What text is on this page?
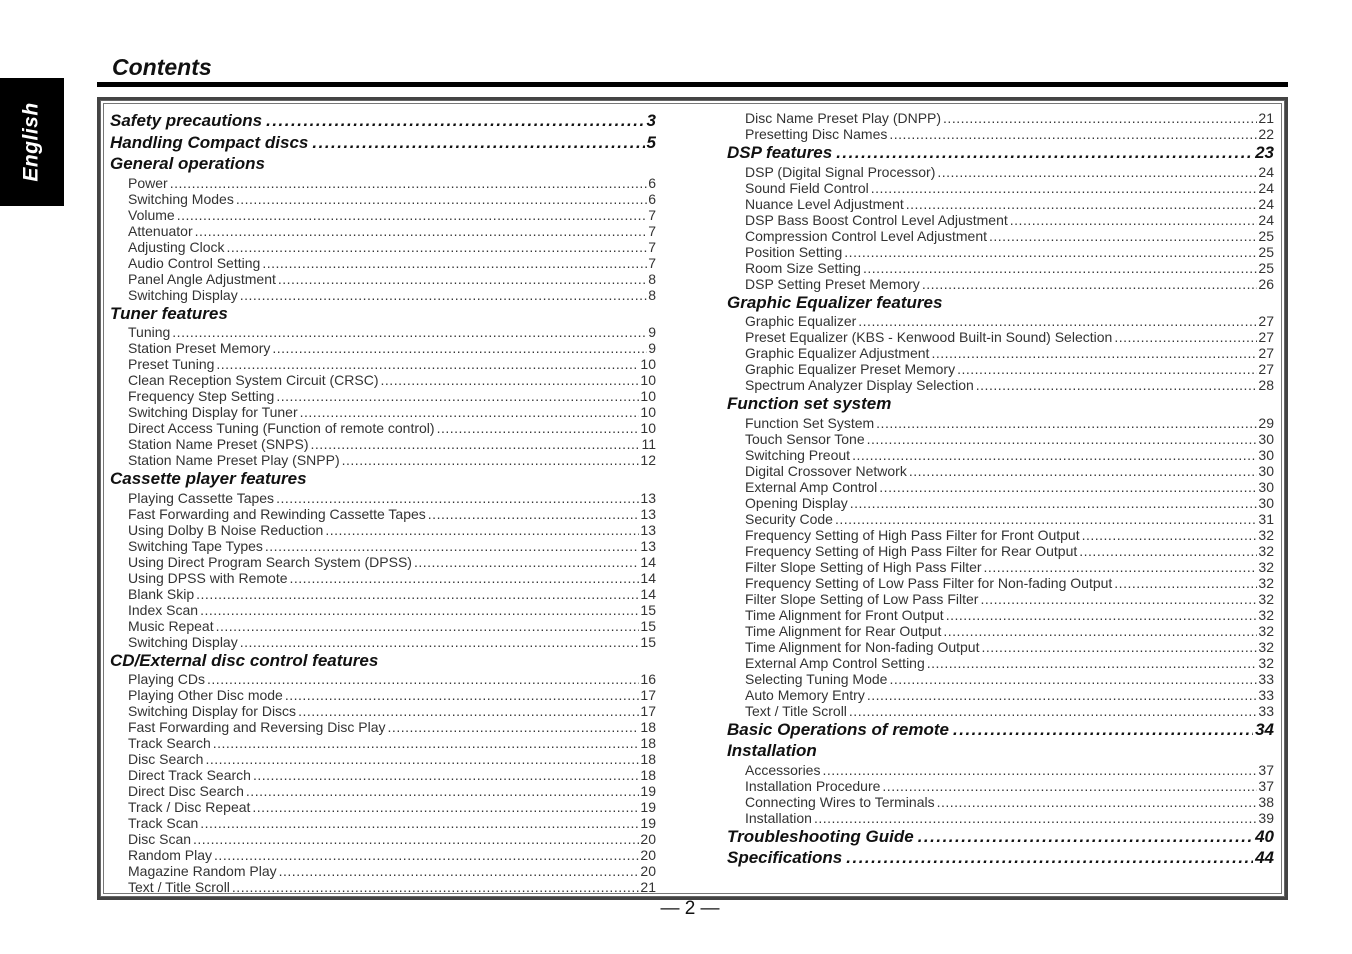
English
Contents
Safety precautions .....	3
Handling Compact discs .....	5
General operations
Power .....	6
Switching Modes .....	6
Volume .....	7
Attenuator .....	7
Adjusting Clock .....	7
Audio Control Setting .....	7
Panel Angle Adjustment .....	8
Switching Display .....	8
Tuner features
Tuning .....	9
Station Preset Memory .....	9
Preset Tuning .....	10
Clean Reception System Circuit (CRSC) .....	10
Frequency Step Setting .....	10
Switching Display for Tuner .....	10
Direct Access Tuning (Function of remote control) .....	10
Station Name Preset (SNPS) .....	11
Station Name Preset Play (SNPP) .....	12
Cassette player features
Playing Cassette Tapes .....	13
Fast Forwarding and Rewinding Cassette Tapes .....	13
Using Dolby B Noise Reduction .....	13
Switching Tape Types .....	13
Using Direct Program Search System (DPSS) .....	14
Using DPSS with Remote .....	14
Blank Skip .....	14
Index Scan .....	15
Music Repeat .....	15
Switching Display .....	15
CD/External disc control features
Playing CDs .....	16
Playing Other Disc mode .....	17
Switching Display for Discs .....	17
Fast Forwarding and Reversing Disc Play .....	18
Track Search .....	18
Disc Search .....	18
Direct Track Search .....	18
Direct Disc Search .....	19
Track / Disc Repeat .....	19
Track Scan .....	19
Disc Scan .....	20
Random Play .....	20
Magazine Random Play .....	20
Text / Title Scroll .....	21
Disc Name Preset Play (DNPP) .....	21
Presetting Disc Names .....	22
DSP features .....	23
DSP (Digital Signal Processor) .....	24
Sound Field Control .....	24
Nuance Level Adjustment .....	24
DSP Bass Boost Control Level Adjustment .....	24
Compression Control Level Adjustment .....	25
Position Setting .....	25
Room Size Setting .....	25
DSP Setting Preset Memory .....	26
Graphic Equalizer features
Graphic Equalizer .....	27
Preset Equalizer (KBS - Kenwood Built-in Sound) Selection .....	27
Graphic Equalizer Adjustment .....	27
Graphic Equalizer Preset Memory .....	27
Spectrum Analyzer Display Selection .....	28
Function set system
Function Set System .....	29
Touch Sensor Tone .....	30
Switching Preout .....	30
Digital Crossover Network .....	30
External Amp Control .....	30
Opening Display .....	30
Security Code .....	31
Frequency Setting of High Pass Filter for Front Output .....	32
Frequency Setting of High Pass Filter for Rear Output .....	32
Filter Slope Setting of High Pass Filter .....	32
Frequency Setting of Low Pass Filter for Non-fading Output .....	32
Filter Slope Setting of Low Pass Filter .....	32
Time Alignment for Front Output .....	32
Time Alignment for Rear Output .....	32
Time Alignment for Non-fading Output .....	32
External Amp Control Setting .....	32
Selecting Tuning Mode .....	33
Auto Memory Entry .....	33
Text / Title Scroll .....	33
Basic Operations of remote .....	34
Installation
Accessories .....	37
Installation Procedure .....	37
Connecting Wires to Terminals .....	38
Installation .....	39
Troubleshooting Guide .....	40
Specifications .....	44

— 2 —
